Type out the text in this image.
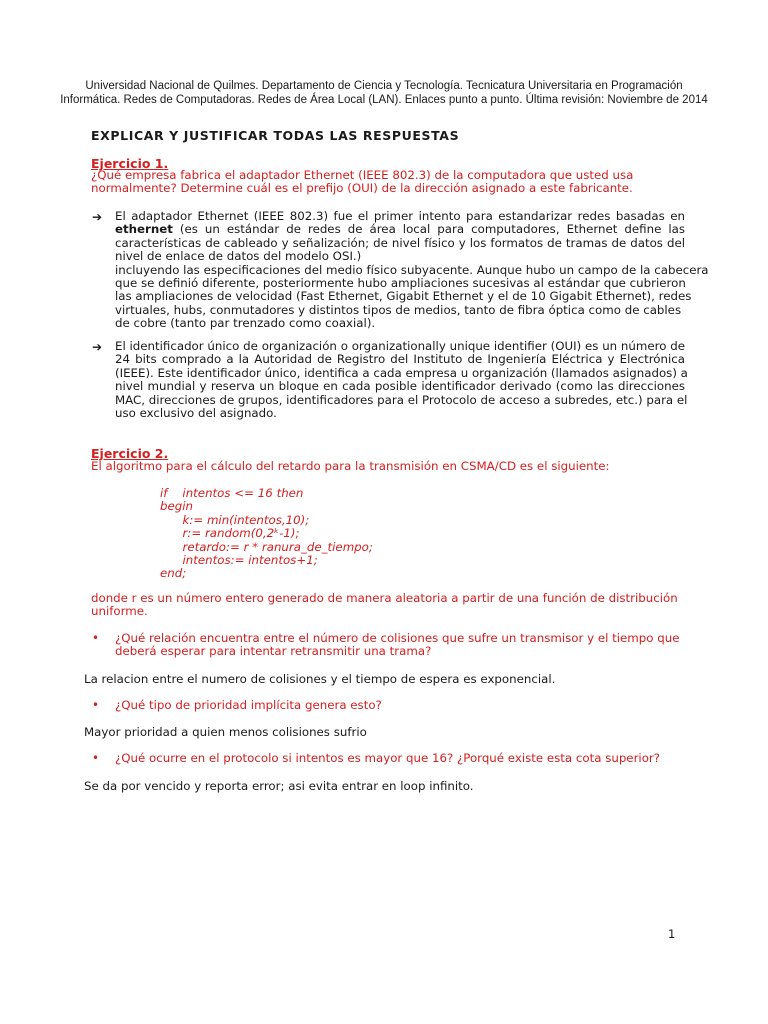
Universidad Nacional de Quilmes. Departamento de Ciencia y Tecnología. Tecnicatura Universitaria en Programación
Informática. Redes de Computadoras. Redes de Área Local (LAN). Enlaces punto a punto. Última revisión: Noviembre de 2014
EXPLICAR Y JUSTIFICAR TODAS LAS RESPUESTAS
Ejercicio 1.
¿Qué empresa fabrica el adaptador Ethernet (IEEE 802.3) de la computadora que usted usa
normalmente? Determine cuál es el prefijo (OUI) de la dirección asignado a este fabricante.
➔ El adaptador Ethernet (IEEE 802.3) fue el primer intento para estandarizar redes basadas en
ethernet (es un estándar de redes de área local para computadores, Ethernet define las
características de cableado y señalización; de nivel físico y los formatos de tramas de datos del
nivel de enlace de datos del modelo OSI.)
incluyendo las especificaciones del medio físico subyacente. Aunque hubo un campo de la cabecera
que se definió diferente, posteriormente hubo ampliaciones sucesivas al estándar que cubrieron
las ampliaciones de velocidad (Fast Ethernet, Gigabit Ethernet y el de 10 Gigabit Ethernet), redes
virtuales, hubs, conmutadores y distintos tipos de medios, tanto de fibra óptica como de cables
de cobre (tanto par trenzado como coaxial).
➔ El identificador único de organización o organizationally unique identifier (OUI) es un número de
24 bits comprado a la Autoridad de Registro del Instituto de Ingeniería Eléctrica y Electrónica
(IEEE). Este identificador único, identifica a cada empresa u organización (llamados asignados) a
nivel mundial y reserva un bloque en cada posible identificador derivado (como las direcciones
MAC, direcciones de grupos, identificadores para el Protocolo de acceso a subredes, etc.) para el
uso exclusivo del asignado.
Ejercicio 2.
El algoritmo para el cálculo del retardo para la transmisión en CSMA/CD es el siguiente:
if    intentos <= 16 then
begin
k:= min(intentos,10);
r:= random(0,2ᵏ-1);
retardo:= r * ranura_de_tiempo;
intentos:= intentos+1;
end;
donde r es un número entero generado de manera aleatoria a partir de una función de distribución
uniforme.
• ¿Qué relación encuentra entre el número de colisiones que sufre un transmisor y el tiempo que
deberá esperar para intentar retransmitir una trama?
La relacion entre el numero de colisiones y el tiempo de espera es exponencial.
• ¿Qué tipo de prioridad implícita genera esto?
Mayor prioridad a quien menos colisiones sufrio
• ¿Qué ocurre en el protocolo si intentos es mayor que 16? ¿Porqué existe esta cota superior?
Se da por vencido y reporta error; asi evita entrar en loop infinito.
1
